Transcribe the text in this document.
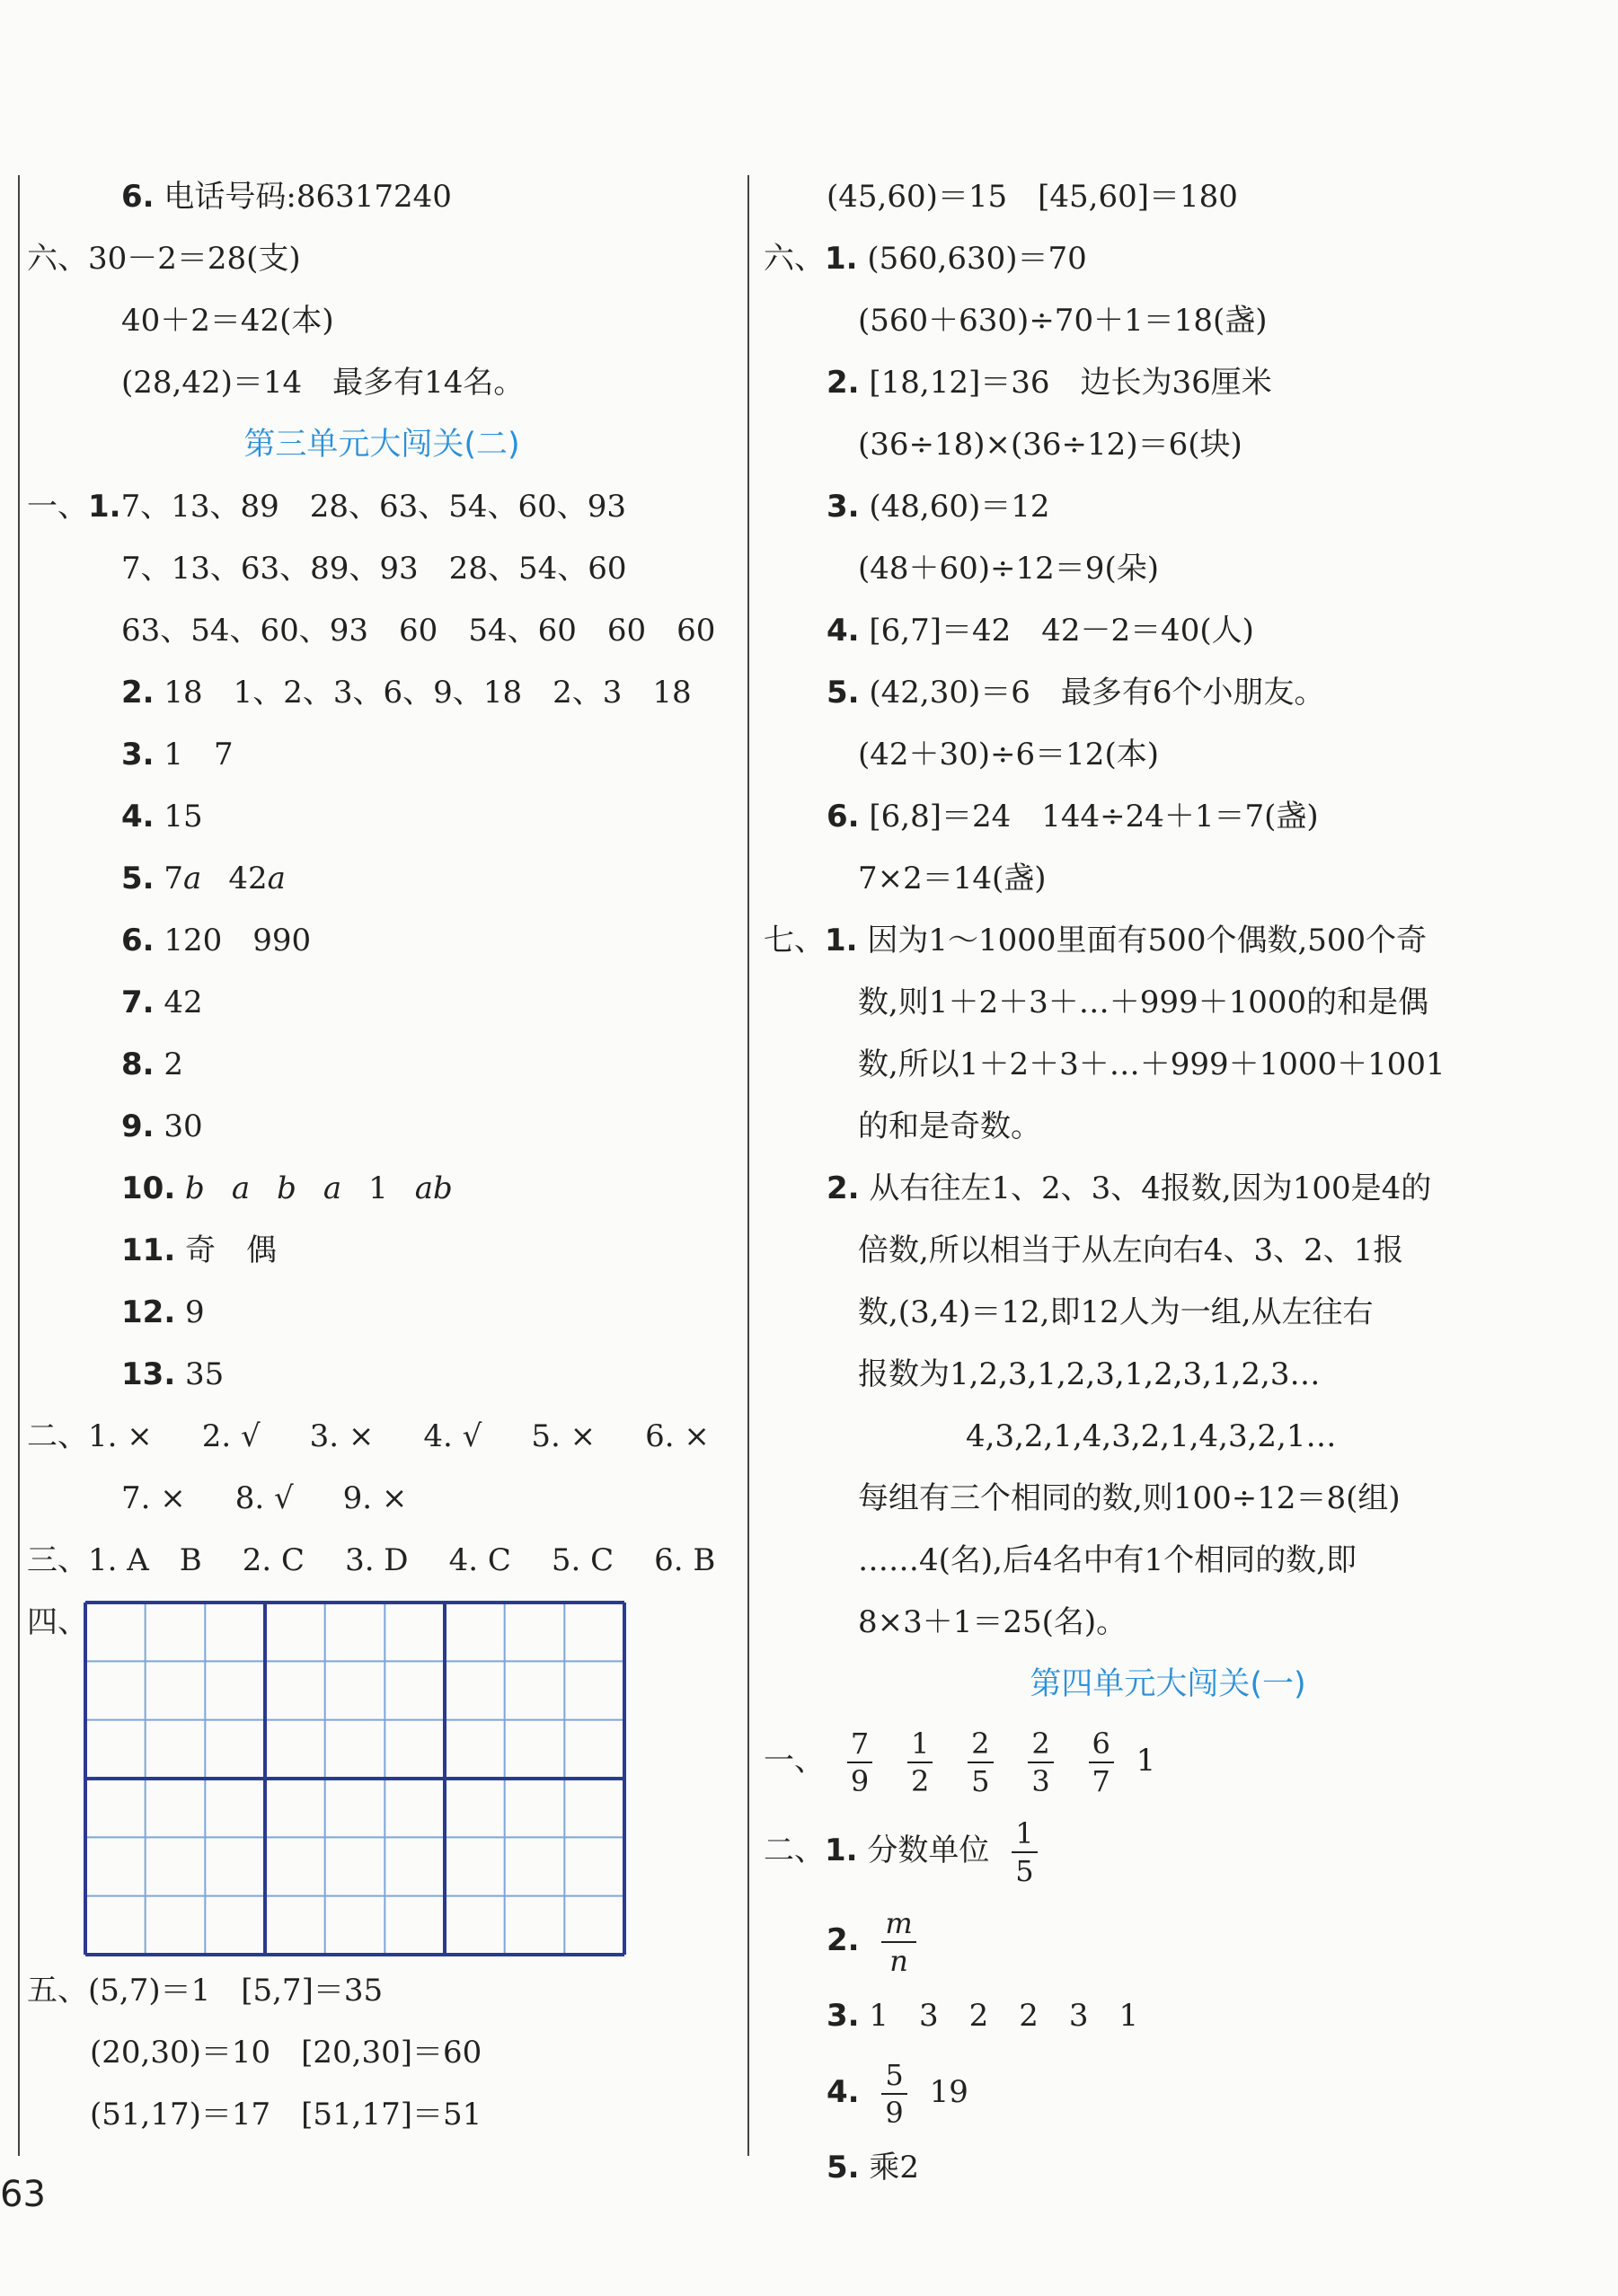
6. 电话号码:86317240
六、30－2＝28(支)
40＋2＝42(本)
(28,42)＝14　最多有14名。
第三单元大闯关(二)
一、1.7、13、89　28、63、54、60、93
7、13、63、89、93　28、54、60
63、54、60、93　60　54、60　60　60
2. 18　1、2、3、6、9、18　2、3　18
3. 1　7
4. 15
5. 7a 42a
6. 120　990
7. 42
8. 2
9. 30
10. b a b a 1 ab
11. 奇　偶
12. 9
13. 35
二、1. × 2. √ 3. × 4. √ 5. × 6. ×
7. × 8. √ 9. ×
三、1. A　B 2. C 3. D 4. C 5. C 6. B
四、
五、(5,7)＝1　[5,7]＝35
(20,30)＝10　[20,30]＝60
(51,17)＝17　[51,17]＝51
(45,60)＝15　[45,60]＝180
六、1. (560,630)＝70
(560＋630)÷70＋1＝18(盏)
2. [18,12]＝36　边长为36厘米
(36÷18)×(36÷12)＝6(块)
3. (48,60)＝12
(48＋60)÷12＝9(朵)
4. [6,7]＝42　42－2＝40(人)
5. (42,30)＝6　最多有6个小朋友。
(42＋30)÷6＝12(本)
6. [6,8]＝24　144÷24＋1＝7(盏)
7×2＝14(盏)
七、1. 因为1～1000里面有500个偶数,500个奇
数,则1＋2＋3＋…＋999＋1000的和是偶
数,所以1＋2＋3＋…＋999＋1000＋1001
的和是奇数。
2. 从右往左1、2、3、4报数,因为100是4的
倍数,所以相当于从左向右4、3、2、1报
数,(3,4)＝12,即12人为一组,从左往右
报数为1,2,3,1,2,3,1,2,3,1,2,3…
4,3,2,1,4,3,2,1,4,3,2,1…
每组有三个相同的数,则100÷12＝8(组)
……4(名),后4名中有1个相同的数,即
8×3＋1＝25(名)。
第四单元大闯关(一)
一、 $\frac{7}{9}$
$\frac{1}{2}$
$\frac{2}{5}$
$\frac{2}{3}$
$\frac{6}{7} 1$
二、1. 分数单位 $\frac{1}{5}$
2. $\frac{m}{n}$
3. 1　3　2　2　3　1
4. $\frac{5}{9} 19$
5. 乘2
63
